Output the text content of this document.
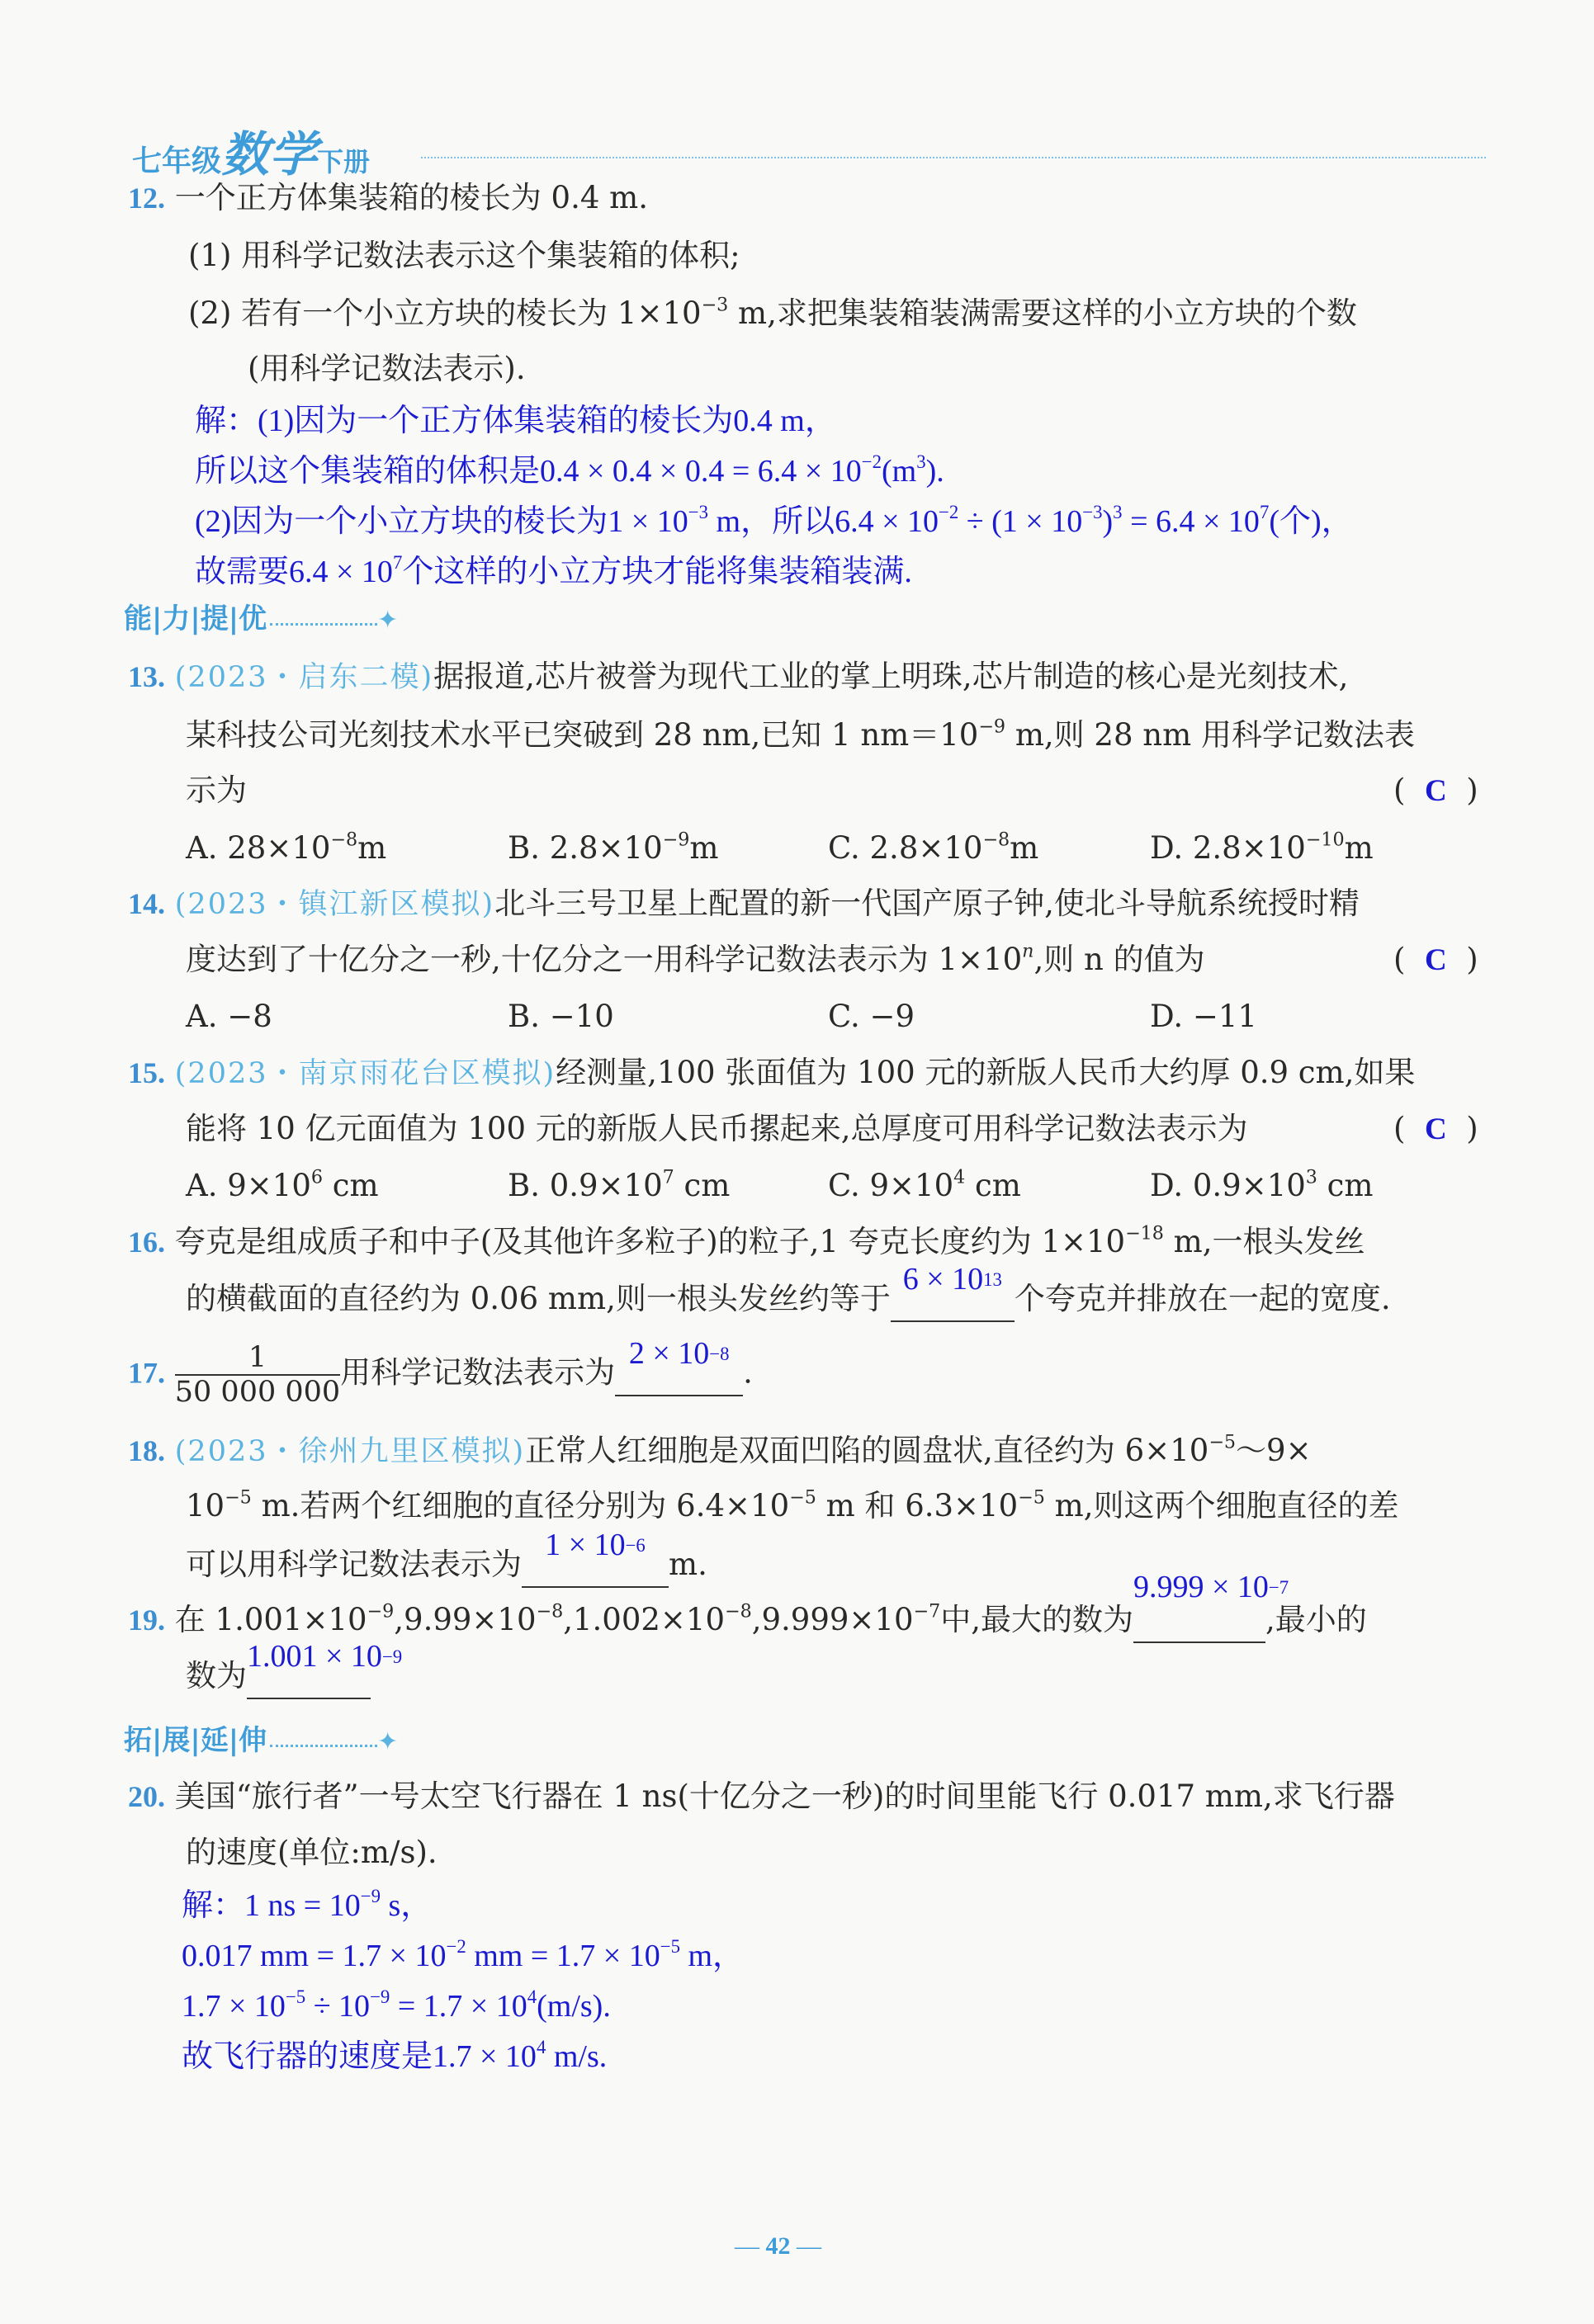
七年级数学下册
12. 一个正方体集装箱的棱长为 0.4 m.
(1) 用科学记数法表示这个集装箱的体积;
(2) 若有一个小立方块的棱长为 $1\times 10^{-3}$ m,求把集装箱装满需要这样的小立方块的个数
(用科学记数法表示).
解：(1)因为一个正方体集装箱的棱长为0.4 m，
所以这个集装箱的体积是$0.4 \times 0.4 \times 0.4 = 6.4 \times 10^{-2}(m^3)$.
(2)因为一个小立方块的棱长为$1 \times 10^{-3}$ m，所以$6.4 \times 10^{-2} \div (1 \times 10^{-3})^3 = 6.4 \times 10^7$(个)，
故需要$6.4 \times 10^7$个这样的小立方块才能将集装箱装满.
能|力|提|优	✦
13. (2023・启东二模)据报道,芯片被誉为现代工业的掌上明珠,芯片制造的核心是光刻技术,
某科技公司光刻技术水平已突破到 28 nm,已知 1 $nm=10^{-9}$ m,则 28 nm 用科学记数法表
示为	( C )
A. $28\times 10^{-8}m$	B. $2.8\times 10^{-9}m$	C. $2.8\times 10^{-8}m$	D. $2.8\times 10^{-10}m$
14. (2023・镇江新区模拟)北斗三号卫星上配置的新一代国产原子钟,使北斗导航系统授时精
度达到了十亿分之一秒,十亿分之一用科学记数法表示为 $1\times 10^n$,则 n 的值为	( C )
A. −8	B. −10	C. −9	D. −11
15. (2023・南京雨花台区模拟)经测量,100 张面值为 100 元的新版人民币大约厚 0.9 cm,如果
能将 10 亿元面值为 100 元的新版人民币摞起来,总厚度可用科学记数法表示为	( C )
A. $9\times 10^6$ cm	B. $0.9\times 10^7$ cm	C. $9\times 10^4$ cm	D. $0.9\times 10^3$ cm
16. 夸克是组成质子和中子(及其他许多粒子)的粒子,1 夸克长度约为 $1\times 10^{-18}$ m,一根头发丝
的横截面的直径约为 0.06 mm,则一根头发丝约等于$6 \times 10^{13}$个夸克并排放在一起的宽度.
17. $\frac{1}{50 000 000}$ 用科学记数法表示为$2 \times 10^{-8}$.
18. (2023・徐州九里区模拟)正常人红细胞是双面凹陷的圆盘状,直径约为 $6\times 10^{-5}\sim 9\times$
$10^{-5}$ m.若两个红细胞的直径分别为 $6.4\times 10^{-5}$ m 和 $6.3\times 10^{-5}$ m,则这两个细胞直径的差
可以用科学记数法表示为$1 \times 10^{-6}m$.
19. 在 $1.001\times 10^{-9},9.99\times 10^{-8},1.002\times 10^{-8},9.999\times 10^{-7}$中,最大的数为$9.999 \times 10^{-7}$,最小的
数为$1.001 \times 10^{-9}$
拓|展|延|伸	✦
20. 美国“旅行者”一号太空飞行器在 1 ns(十亿分之一秒)的时间里能飞行 0.017 mm,求飞行器
的速度(单位:m/s).
解：1 ns = $10^{-9}$ s，
0.017 mm = $1.7 \times 10^{-2}$ mm = $1.7 \times 10^{-5}$ m，
$1.7 \times 10^{-5} \div 10^{-9} = 1.7 \times 10^4(m/s)$.
故飞行器的速度是$1.7 \times 10^4$ m/s.
— 42 —
